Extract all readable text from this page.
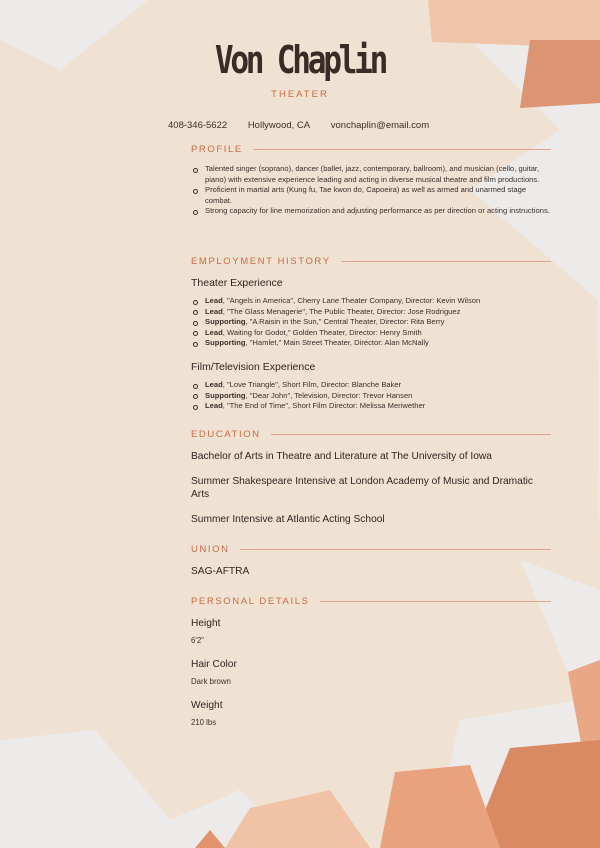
Von Chaplin
THEATER
408-346-5622 Hollywood, CA vonchaplin@email.com
PROFILE
Talented singer (soprano), dancer (ballet, jazz, contemporary, ballroom), and musician (cello, guitar, piano) with extensive experience leading and acting in diverse musical theatre and film productions.
Proficient in martial arts (Kung fu, Tae kwon do, Capoeira) as well as armed and unarmed stage combat.
Strong capacity for line memorization and adjusting performance as per direction or acting instructions.
EMPLOYMENT HISTORY
Theater Experience
Lead, "Angels in America", Cherry Lane Theater Company, Director: Kevin Wilson
Lead, "The Glass Menagerie", The Public Theater, Director: Jose Rodriguez
Supporting, "A Raisin in the Sun," Central Theater, Director: Rita Berry
Lead, Waiting for Godot," Golden Theater, Director: Henry Smith
Supporting, "Hamlet," Main Street Theater, Director: Alan McNally
Film/Television Experience
Lead, "Love Triangle", Short Film, Director: Blanche Baker
Supporting, "Dear John", Television, Director: Trevor Hansen
Lead, "The End of Time", Short Film Director: Melissa Meriwether
EDUCATION
Bachelor of Arts in Theatre and Literature at The University of Iowa
Summer Shakespeare Intensive at London Academy of Music and Dramatic Arts
Summer Intensive at Atlantic Acting School
UNION
SAG-AFTRA
PERSONAL DETAILS
Height
6'2"
Hair Color
Dark brown
Weight
210 lbs
